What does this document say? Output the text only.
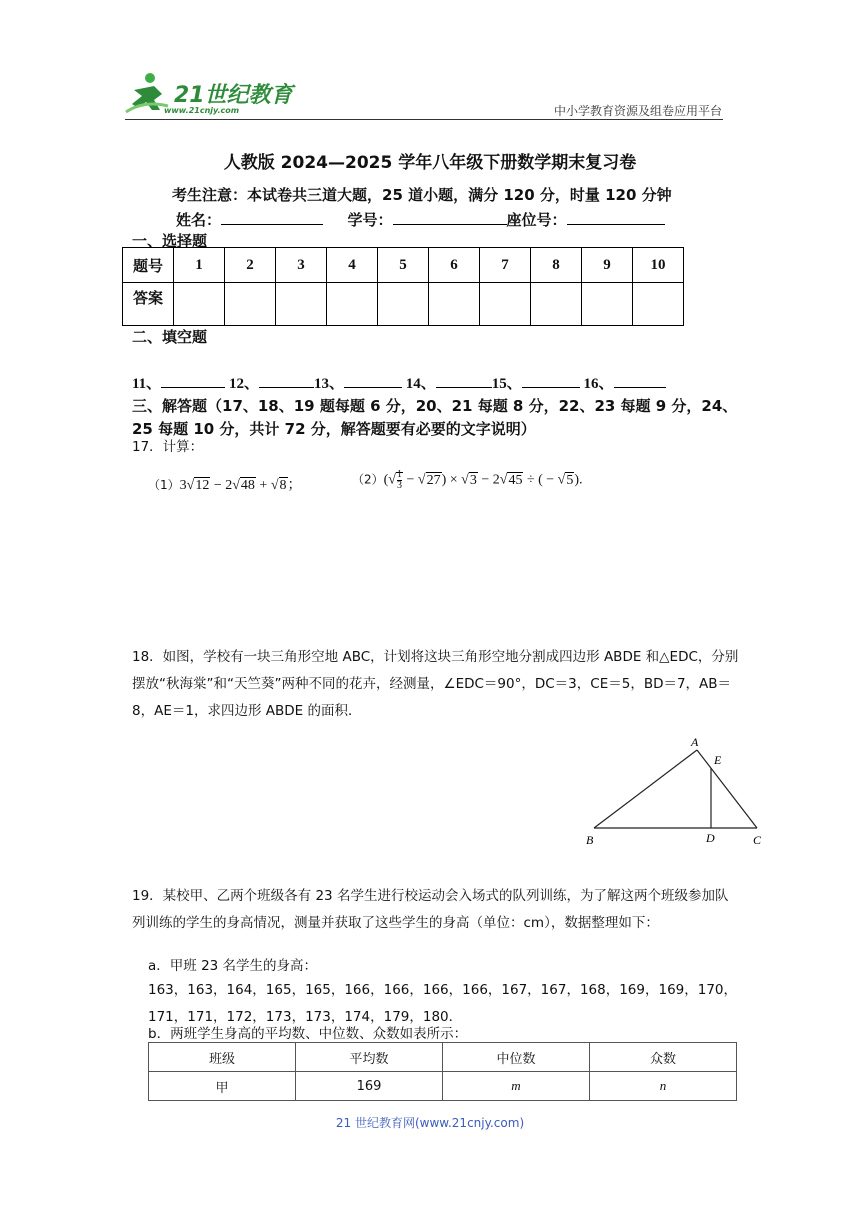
21世纪教育
www.21cnjy.com	中小学教育资源及组卷应用平台
人教版 2024—2025 学年八年级下册数学期末复习卷
考生注意：本试卷共三道大题，25 道小题，满分 120 分，时量 120 分钟
姓名：	学号：	座位号：
一、选择题
题号	1	2	3	4	5	6	7	8	9	10
答案										
二、填空题
11、	12、	13、	14、	15、	16、
三、解答题（17、18、19 题每题 6 分，20、21 每题 8 分，22、23 每题 9 分，24、25 每题 10 分，共计 72 分，解答题要有必要的文字说明）
17．计算：
（1）3√12 − 2√48 + √8；	$(2)(√ \frac{1}{3} - √27) \times √3 - 2√45$ ÷ ( − √5).
18．如图，学校有一块三角形空地 ABC，计划将这块三角形空地分割成四边形 ABDE 和△EDC，分别摆放“秋海棠”和“天竺葵”两种不同的花卉，经测量，∠EDC＝90°，DC＝3，CE＝5，BD＝7，AB＝8，AE＝1，求四边形 ABDE 的面积．
A
E
B	D	C
19．某校甲、乙两个班级各有 23 名学生进行校运动会入场式的队列训练，为了解这两个班级参加队列训练的学生的身高情况，测量并获取了这些学生的身高（单位：cm），数据整理如下：
a．甲班 23 名学生的身高：
163，163，164，165，165，166，166，166，166，167，167，168，169，169，170，171，171，172，173，173，174，179，180．
b．两班学生身高的平均数、中位数、众数如表所示：
班级	平均数	中位数	众数
甲	169	m	n
21 世纪教育网(www.21cnjy.com)
